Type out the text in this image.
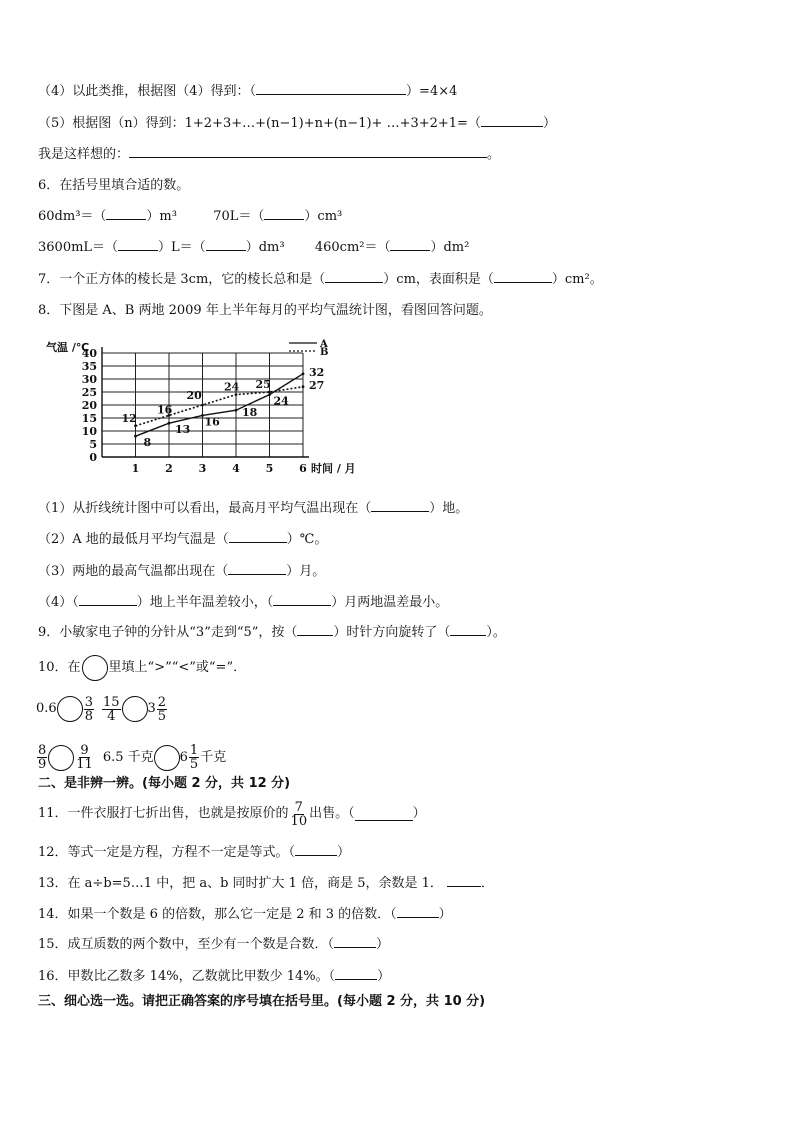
（4）以此类推，根据图（4）得到：（	）=4×4
（5）根据图（n）得到：1+2+3+…+(n−1)+n+(n−1)+ …+3+2+1=（	）
我是这样想的：	。
6．在括号里填合适的数。
60dm³＝（	）m³	70L＝（	）cm³
3600mL＝（	）L＝（	）dm³ 460cm²＝（	）dm²
7．一个正方体的棱长是 3cm，它的棱长总和是（	）cm，表面积是（	）cm²。
8．下图是 A、B 两地 2009 年上半年每月的平均气温统计图，看图回答问题。
0
5
10
15
20
25
30
35
40
1 2 3 4 5 6
气温 /℃
时间 / 月
8
13
16
18
24
32
12
16
20
24 25	27
A
B
（1）从折线统计图中可以看出，最高月平均气温出现在（	）地。
（2）A 地的最低月平均气温是（	）℃。
（3）两地的最高气温都出现在（	）月。
（4）（	）地上半年温差较小，（	）月两地温差最小。
9．小敏家电子钟的分针从“3”走到“5”，按（	）时针方向旋转了（	）。
10．在 里填上“>”“<”或“=”．
$0.6 \frac{3}{8} \frac{15}{4} 3 \frac{2}{5}$
$\frac{8}{9} \frac{9}{11} 6.5$ 千克 $6 \frac{1}{5}$ 千克
二、是非辨一辨。(每小题 2 分，共 12 分)
11．一件衣服打七折出售，也就是按原价的 $\frac{7}{10}$ 出售。（	）
12．等式一定是方程，方程不一定是等式。（	）
13．在 a÷b=5…1 中，把 a、b 同时扩大 1 倍，商是 5，余数是 1．	．
14．如果一个数是 6 的倍数，那么它一定是 2 和 3 的倍数．（	）
15．成互质数的两个数中，至少有一个数是合数．（	）
16．甲数比乙数多 14%，乙数就比甲数少 14%。（	）
三、细心选一选。请把正确答案的序号填在括号里。(每小题 2 分，共 10 分)
